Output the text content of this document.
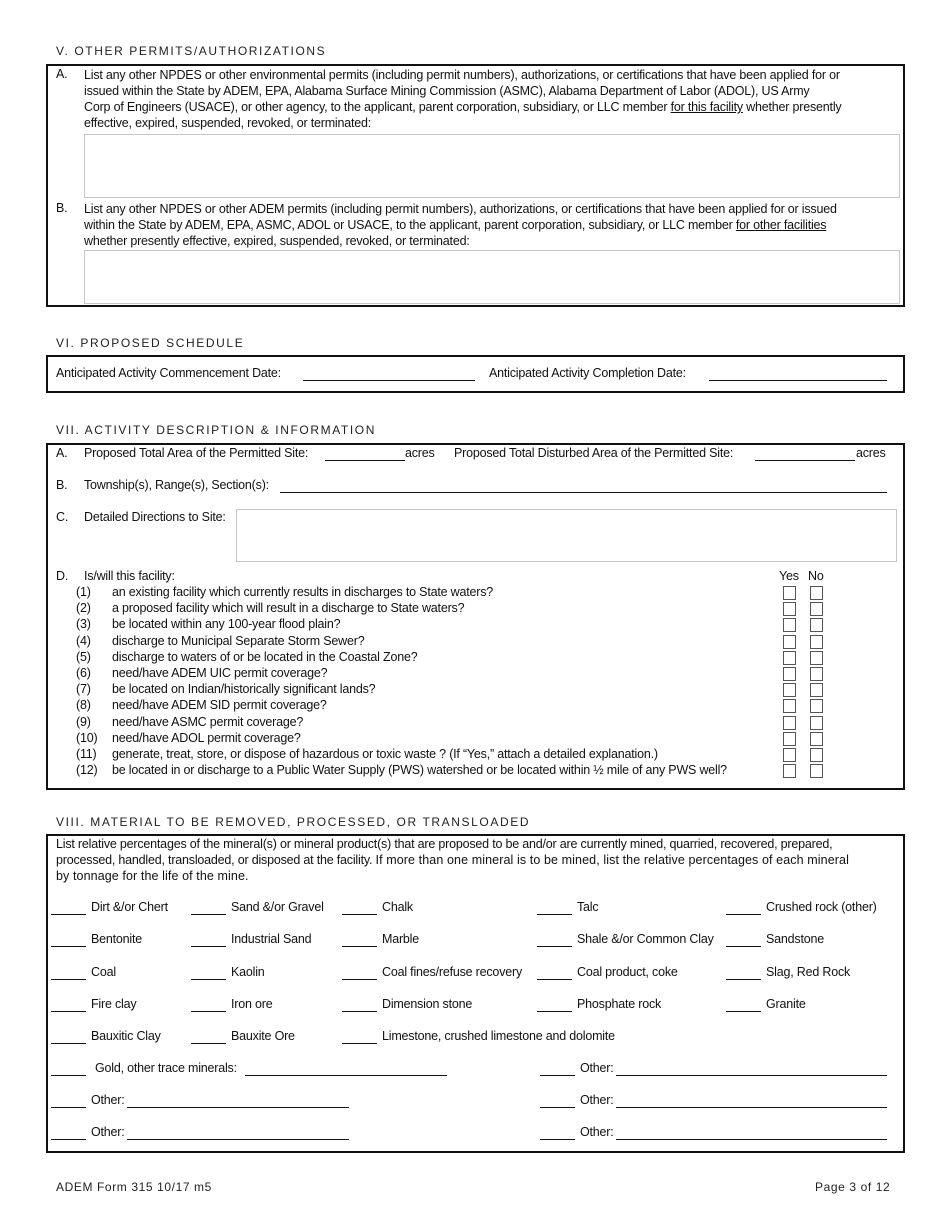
V. OTHER PERMITS/AUTHORIZATIONS
A. List any other NPDES or other environmental permits (including permit numbers), authorizations, or certifications that have been applied for or
issued within the State by ADEM, EPA, Alabama Surface Mining Commission (ASMC), Alabama Department of Labor (ADOL), US Army
Corp of Engineers (USACE), or other agency, to the applicant, parent corporation, subsidiary, or LLC member for this facility whether presently
effective, expired, suspended, revoked, or terminated:
B. List any other NPDES or other ADEM permits (including permit numbers), authorizations, or certifications that have been applied for or issued
within the State by ADEM, EPA, ASMC, ADOL or USACE, to the applicant, parent corporation, subsidiary, or LLC member for other facilities
whether presently effective, expired, suspended, revoked, or terminated:
VI. PROPOSED SCHEDULE
Anticipated Activity Commencement Date:	Anticipated Activity Completion Date:
VII. ACTIVITY DESCRIPTION & INFORMATION
A. Proposed Total Area of the Permitted Site:	acres Proposed Total Disturbed Area of the Permitted Site:	acres
B. Township(s), Range(s), Section(s):
C. Detailed Directions to Site:
D. Is/will this facility:	Yes No
(1) an existing facility which currently results in discharges to State waters?
(2) a proposed facility which will result in a discharge to State waters?
(3) be located within any 100-year flood plain?
(4) discharge to Municipal Separate Storm Sewer?
(5) discharge to waters of or be located in the Coastal Zone?
(6) need/have ADEM UIC permit coverage?
(7) be located on Indian/historically significant lands?
(8) need/have ADEM SID permit coverage?
(9) need/have ASMC permit coverage?
(10) need/have ADOL permit coverage?
(11) generate, treat, store, or dispose of hazardous or toxic waste ? (If “Yes,” attach a detailed explanation.)
(12) be located in or discharge to a Public Water Supply (PWS) watershed or be located within ½ mile of any PWS well?
VIII. MATERIAL TO BE REMOVED, PROCESSED, OR TRANSLOADED
List relative percentages of the mineral(s) or mineral product(s) that are proposed to be and/or are currently mined, quarried, recovered, prepared,
processed, handled, transloaded, or disposed at the facility. If more than one mineral is to be mined, list the relative percentages of each mineral
by tonnage for the life of the mine.
Dirt &/or Chert	Sand &/or Gravel	Chalk	Talc	Crushed rock (other)
Bentonite	Industrial Sand	Marble	Shale &/or Common Clay	Sandstone
Coal	Kaolin	Coal fines/refuse recovery	Coal product, coke	Slag, Red Rock
Fire clay	Iron ore	Dimension stone	Phosphate rock	Granite
Bauxitic Clay	Bauxite Ore	Limestone, crushed limestone and dolomite
Gold, other trace minerals:	Other:
Other:	Other:
Other:	Other:
ADEM Form 315 10/17 m5	Page 3 of 12
